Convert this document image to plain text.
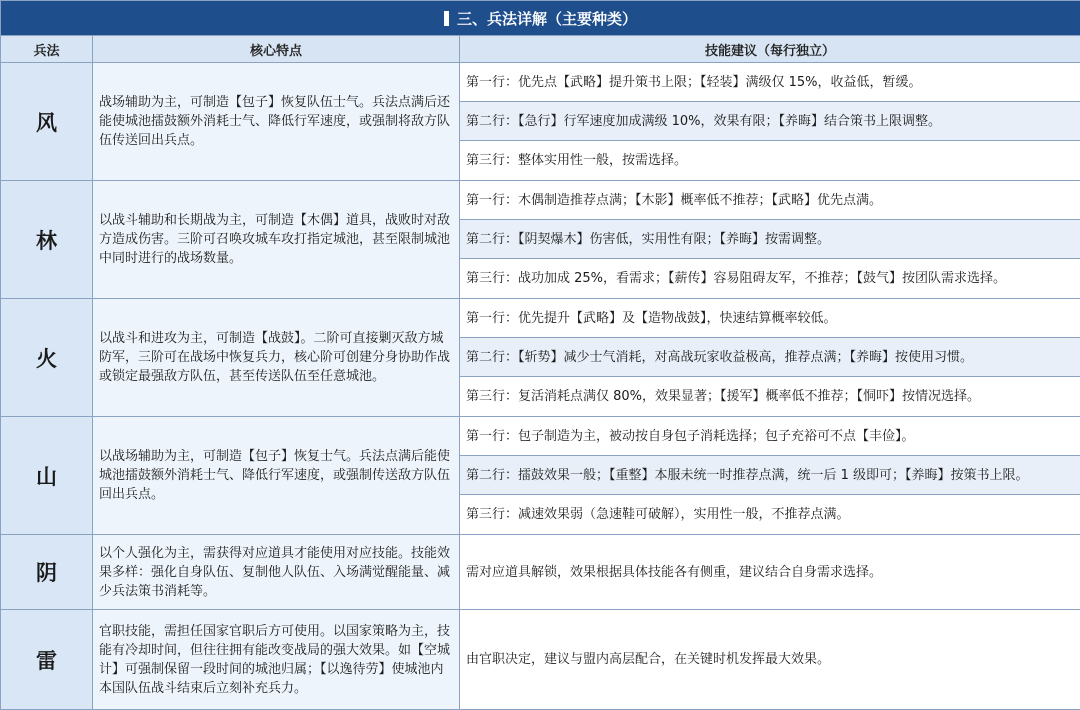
三、兵法详解（主要种类）		
兵法	核心特点	技能建议（每行独立）
风	战场辅助为主，可制造【包子】恢复队伍士气。兵法点满后还能使城池擂鼓额外消耗士气、降低行军速度，或强制将敌方队伍传送回出兵点。	第一行：优先点【武略】提升策书上限；【轻装】满级仅 15%，收益低，暂缓。
		第二行：【急行】行军速度加成满级 10%，效果有限；【养晦】结合策书上限调整。
		第三行：整体实用性一般，按需选择。
林	以战斗辅助和长期战为主，可制造【木偶】道具，战败时对敌方造成伤害。三阶可召唤攻城车攻打指定城池，甚至限制城池中同时进行的战场数量。	第一行：木偶制造推荐点满；【木影】概率低不推荐；【武略】优先点满。
		第二行：【阴契爆木】伤害低，实用性有限；【养晦】按需调整。
		第三行：战功加成 25%，看需求；【薪传】容易阻碍友军，不推荐；【鼓气】按团队需求选择。
火	以战斗和进攻为主，可制造【战鼓】。二阶可直接剿灭敌方城防军，三阶可在战场中恢复兵力，核心阶可创建分身协助作战或锁定最强敌方队伍，甚至传送队伍至任意城池。	第一行：优先提升【武略】及【造物战鼓】，快速结算概率较低。
		第二行：【斩势】减少士气消耗，对高战玩家收益极高，推荐点满；【养晦】按使用习惯。
		第三行：复活消耗点满仅 80%，效果显著；【援军】概率低不推荐；【恫吓】按情况选择。
山	以战场辅助为主，可制造【包子】恢复士气。兵法点满后能使城池擂鼓额外消耗士气、降低行军速度，或强制传送敌方队伍回出兵点。	第一行：包子制造为主，被动按自身包子消耗选择；包子充裕可不点【丰俭】。
		第二行：擂鼓效果一般；【重整】本服未统一时推荐点满，统一后 1 级即可；【养晦】按策书上限。
		第三行：减速效果弱（急速鞋可破解），实用性一般，不推荐点满。
阴	以个人强化为主，需获得对应道具才能使用对应技能。技能效果多样：强化自身队伍、复制他人队伍、入场满觉醒能量、减少兵法策书消耗等。	需对应道具解锁，效果根据具体技能各有侧重，建议结合自身需求选择。
雷	官职技能，需担任国家官职后方可使用。以国家策略为主，技能有冷却时间，但往往拥有能改变战局的强大效果。如【空城计】可强制保留一段时间的城池归属；【以逸待劳】使城池内本国队伍战斗结束后立刻补充兵力。	由官职决定，建议与盟内高层配合，在关键时机发挥最大效果。
